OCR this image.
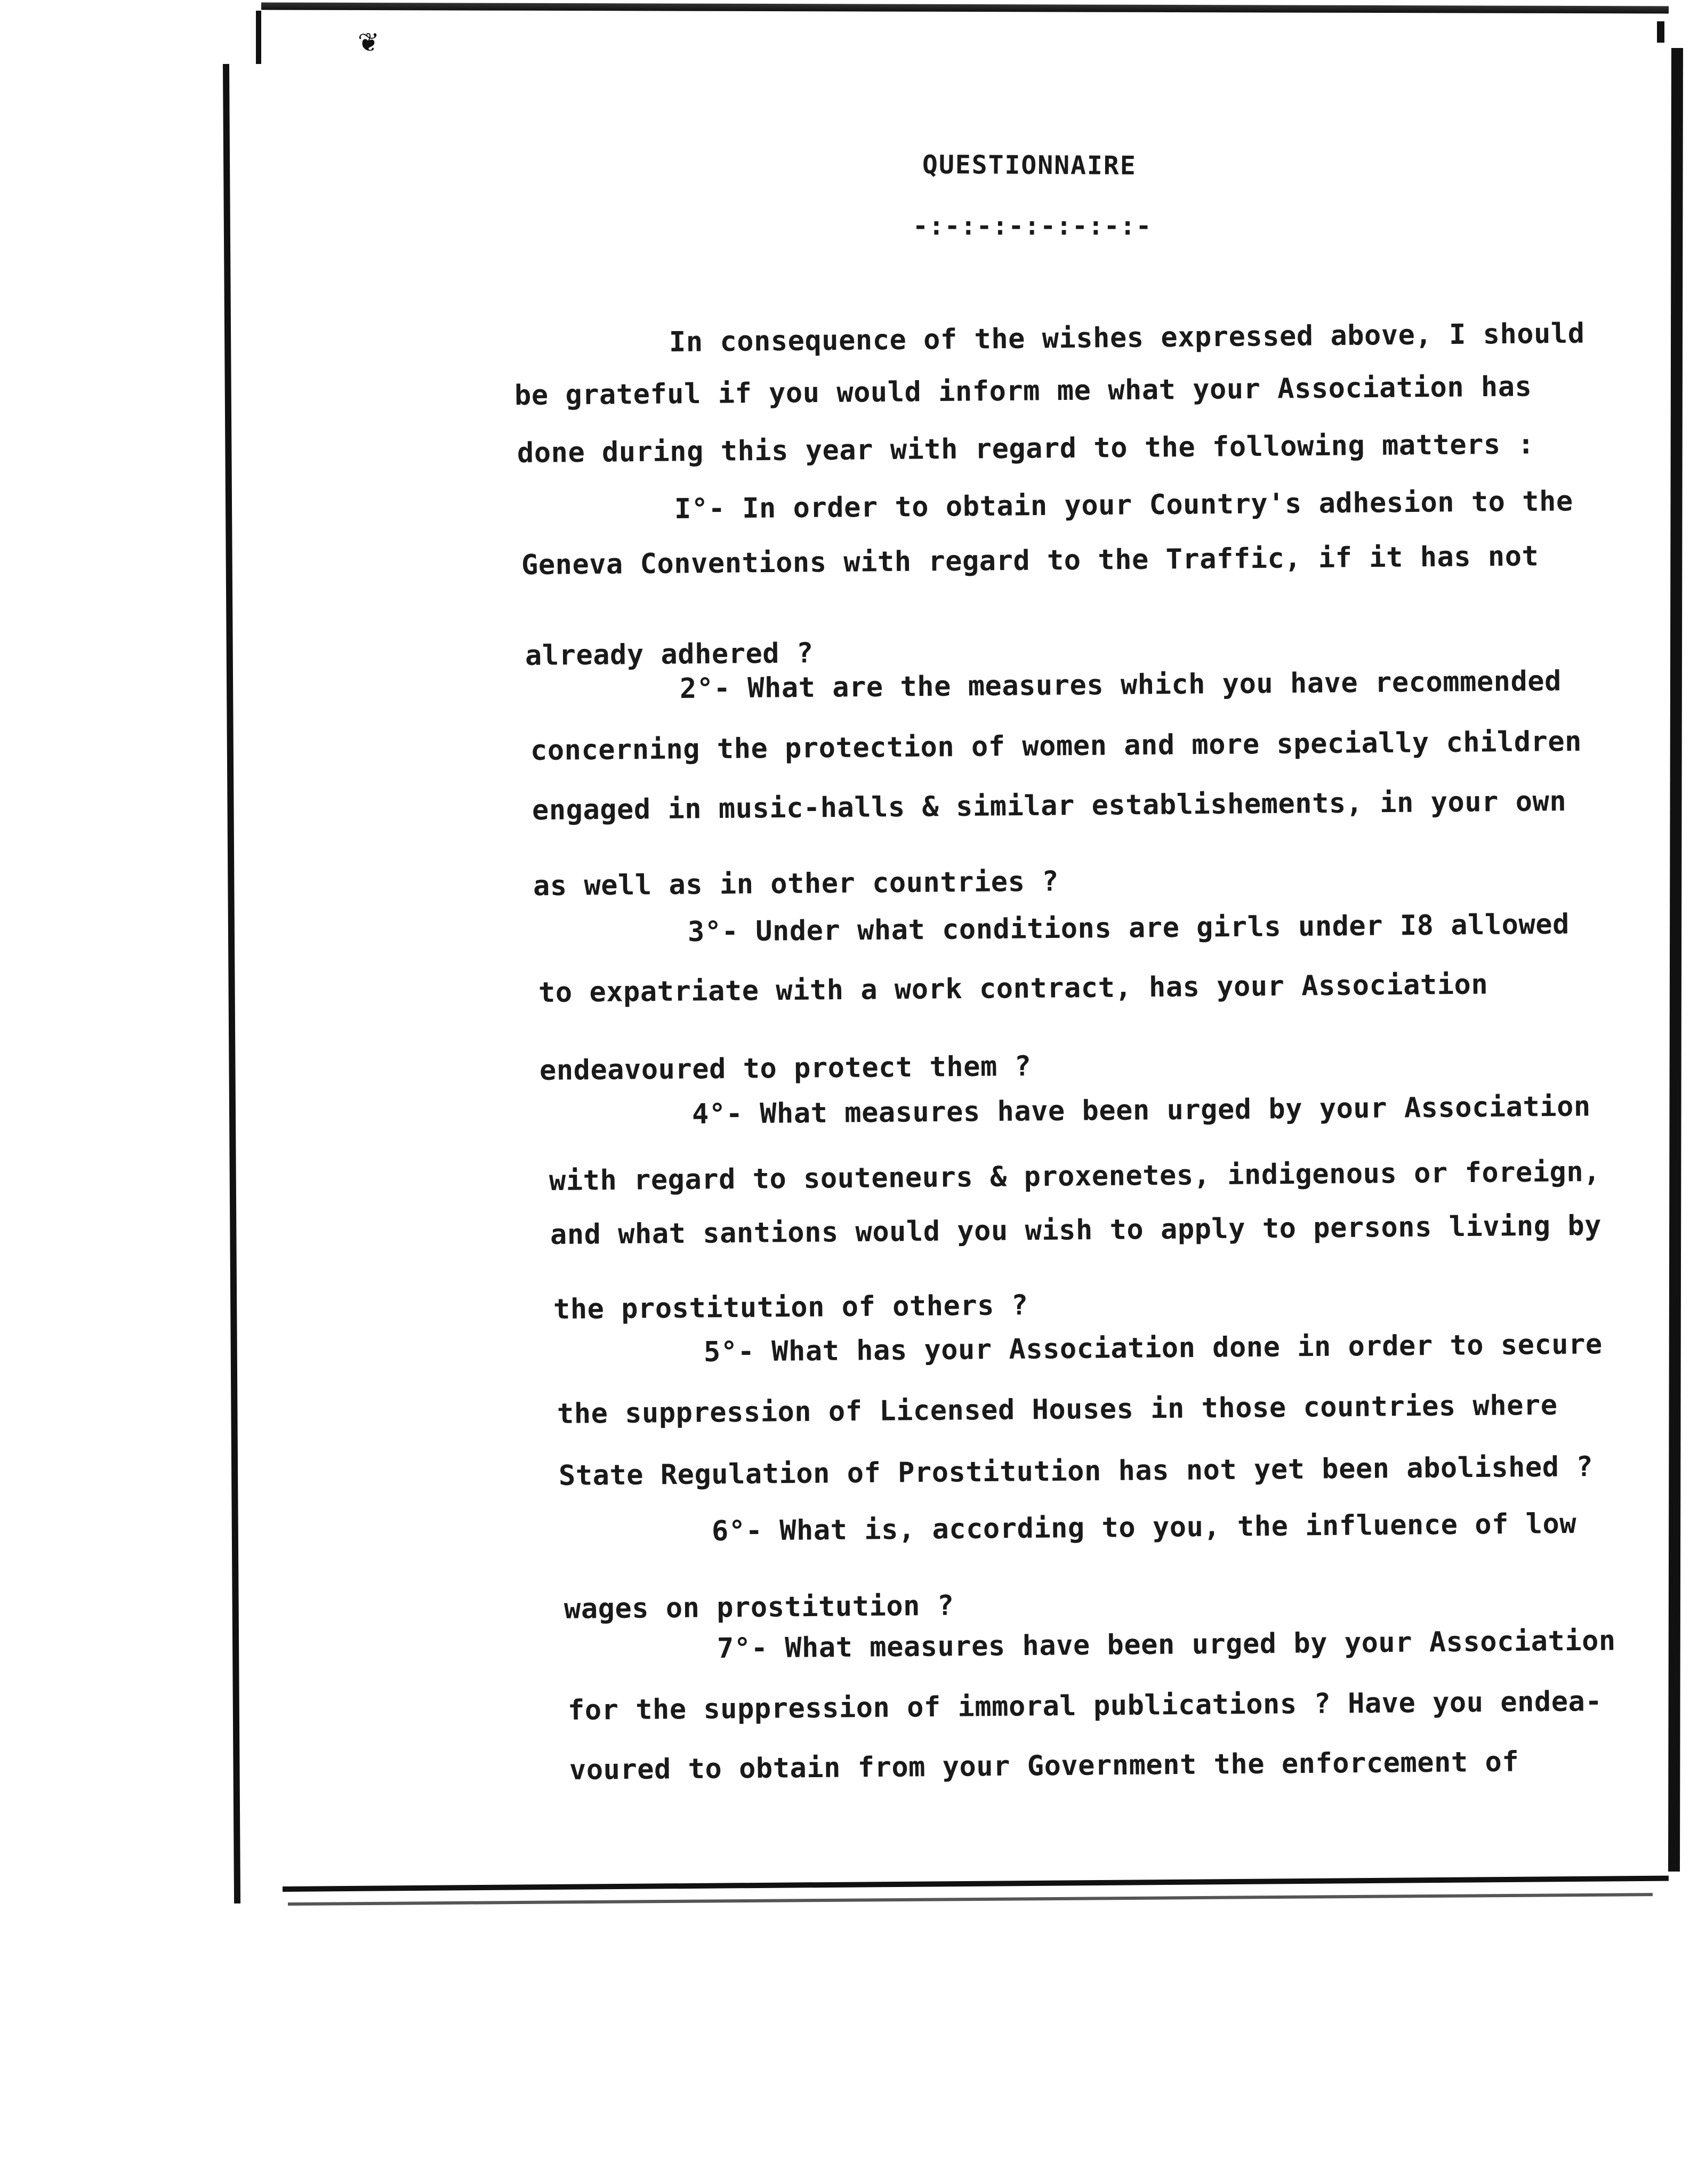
❦
QUESTIONNAIRE
-:-:-:-:-:-:-:-
In consequence of the wishes expressed above, I should
be grateful if you would inform me what your Association has
done during this year with regard to the following matters :
I°- In order to obtain your Country's adhesion to the
Geneva Conventions with regard to the Traffic, if it has not
already adhered ?
2°- What are the measures which you have recommended
concerning the protection of women and more specially children
engaged in music-halls & similar establishements, in your own
as well as in other countries ?
3°- Under what conditions are girls under I8 allowed
to expatriate with a work contract, has your Association
endeavoured to protect them ?
4°- What measures have been urged by your Association
with regard to souteneurs & proxenetes, indigenous or foreign,
and what santions would you wish to apply to persons living by
the prostitution of others ?
5°- What has your Association done in order to secure
the suppression of Licensed Houses in those countries where
State Regulation of Prostitution has not yet been abolished ?
6°- What is, according to you, the influence of low
wages on prostitution ?
7°- What measures have been urged by your Association
for the suppression of immoral publications ? Have you endea-
voured to obtain from your Government the enforcement of
